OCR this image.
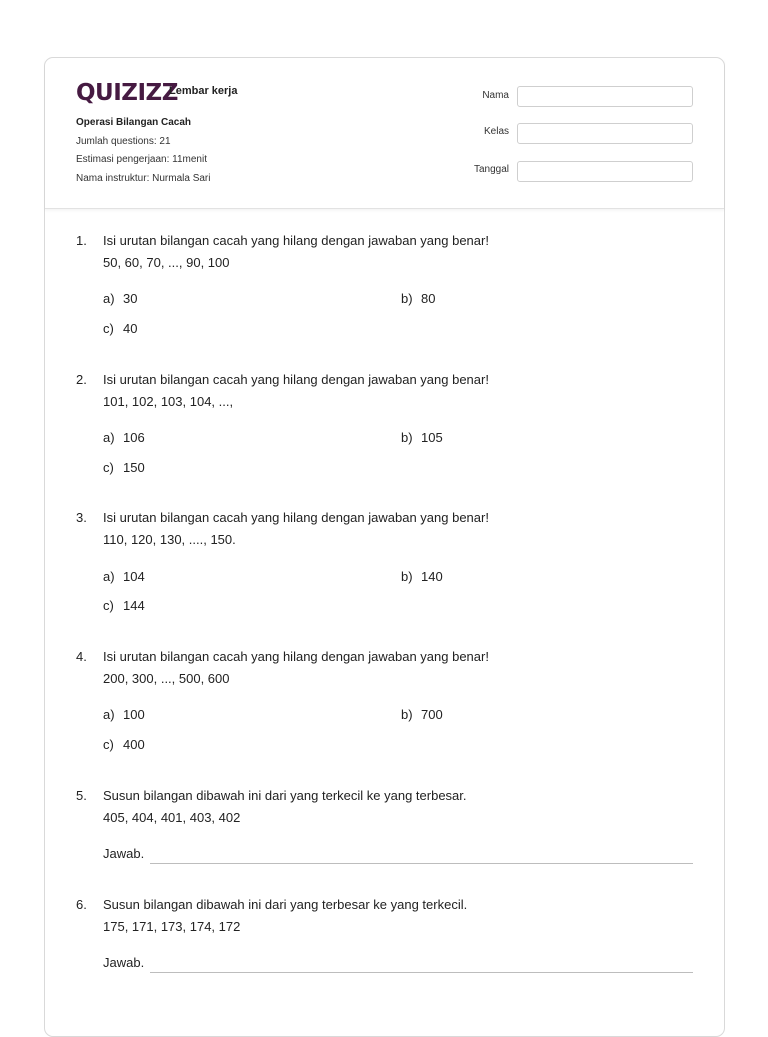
QUIZIZZ
Lembar kerja
Operasi Bilangan Cacah
Jumlah questions: 21
Estimasi pengerjaan: 11menit
Nama instruktur: Nurmala Sari
Nama
Kelas
Tanggal
1. Isi urutan bilangan cacah yang hilang dengan jawaban yang benar!
50, 60, 70, ..., 90, 100
a) 30	b) 80
c) 40
2. Isi urutan bilangan cacah yang hilang dengan jawaban yang benar!
101, 102, 103, 104, ...,
a) 106	b) 105
c) 150
3. Isi urutan bilangan cacah yang hilang dengan jawaban yang benar!
110, 120, 130, ...., 150.
a) 104	b) 140
c) 144
4. Isi urutan bilangan cacah yang hilang dengan jawaban yang benar!
200, 300, ..., 500, 600
a) 100	b) 700
c) 400
5. Susun bilangan dibawah ini dari yang terkecil ke yang terbesar.
405, 404, 401, 403, 402
Jawab.
6. Susun bilangan dibawah ini dari yang terbesar ke yang terkecil.
175, 171, 173, 174, 172
Jawab.
